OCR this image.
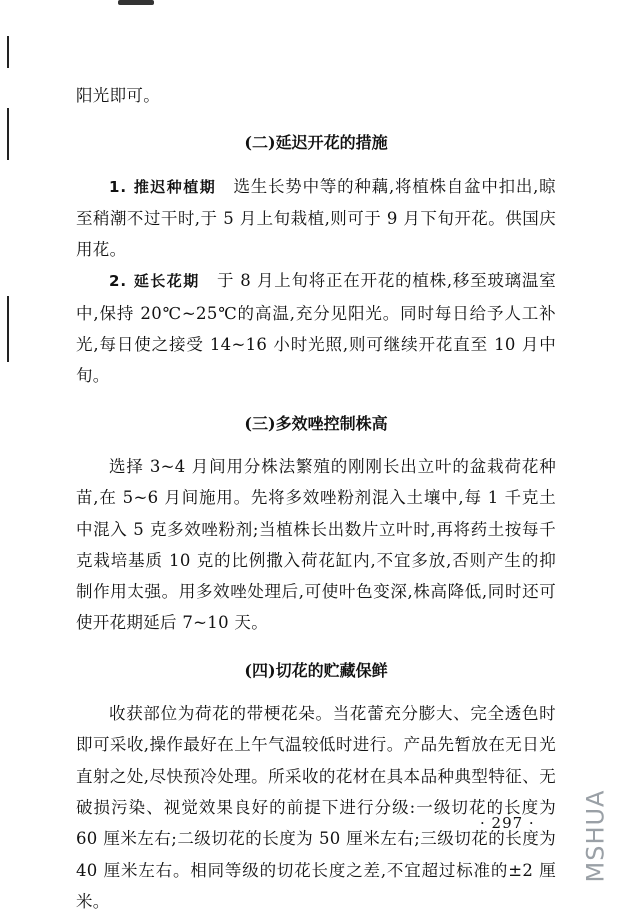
阳光即可。

(二)延迟开花的措施

1. 推迟种植期　 选生长势中等的种藕,将植株自盆中扣出,晾至稍潮不过干时,于 5 月上旬栽植,则可于 9 月下旬开花。供国庆用花。

2. 延长花期　 于 8 月上旬将正在开花的植株,移至玻璃温室中,保持 20℃~25℃的高温,充分见阳光。同时每日给予人工补光,每日使之接受 14~16 小时光照,则可继续开花直至 10 月中旬。

(三)多效唑控制株高

选择 3~4 月间用分株法繁殖的刚刚长出立叶的盆栽荷花种苗,在 5~6 月间施用。先将多效唑粉剂混入土壤中,每 1 千克土中混入 5 克多效唑粉剂;当植株长出数片立叶时,再将药土按每千克栽培基质 10 克的比例撒入荷花缸内,不宜多放,否则产生的抑制作用太强。用多效唑处理后,可使叶色变深,株高降低,同时还可使开花期延后 7~10 天。

(四)切花的贮藏保鲜

收获部位为荷花的带梗花朵。当花蕾充分膨大、完全透色时即可采收,操作最好在上午气温较低时进行。产品先暂放在无日光直射之处,尽快预冷处理。所采收的花材在具本品种典型特征、无破损污染、视觉效果良好的前提下进行分级:一级切花的长度为 60 厘米左右;二级切花的长度为 50 厘米左右;三级切花的长度为 40 厘米左右。相同等级的切花长度之差,不宜超过标准的±2 厘米。

· 297 · MSHUA
